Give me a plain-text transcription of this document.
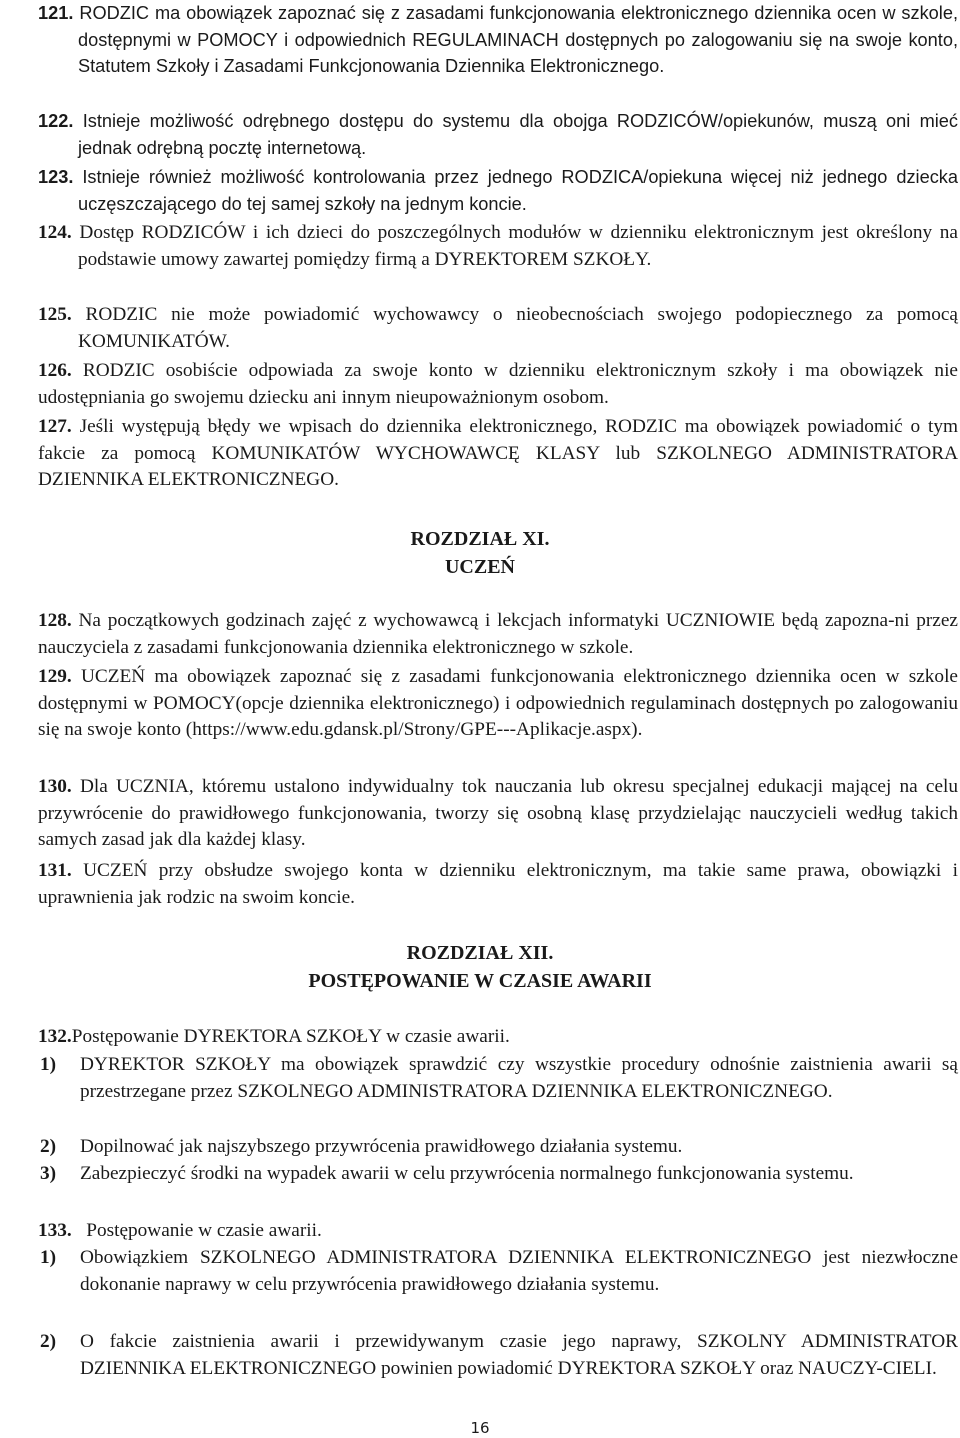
121. RODZIC ma obowiązek zapoznać się z zasadami funkcjonowania elektronicznego dziennika ocen w szkole, dostępnymi w POMOCY i odpowiednich REGULAMINACH dostępnych po zalogowaniu się na swoje konto, Statutem Szkoły i Zasadami Funkcjonowania Dziennika Elektronicznego.
122. Istnieje możliwość odrębnego dostępu do systemu dla obojga RODZICÓW/opiekunów, muszą oni mieć jednak odrębną pocztę internetową.
123. Istnieje również możliwość kontrolowania przez jednego RODZICA/opiekuna więcej niż jednego dziecka uczęszczającego do tej samej szkoły na jednym koncie.
124. Dostęp RODZICÓW i ich dzieci do poszczególnych modułów w dzienniku elektronicznym jest określony na podstawie umowy zawartej pomiędzy firmą a DYREKTOREM SZKOŁY.
125. RODZIC nie może powiadomić wychowawcy o nieobecnościach swojego podopiecznego za pomocą KOMUNIKATÓW.
126. RODZIC osobiście odpowiada za swoje konto w dzienniku elektronicznym szkoły i ma obowiązek nie udostępniania go swojemu dziecku ani innym nieupoważnionym osobom.
127. Jeśli występują błędy we wpisach do dziennika elektronicznego, RODZIC ma obowiązek powiadomić o tym fakcie za pomocą KOMUNIKATÓW WYCHOWAWCĘ KLASY lub SZKOLNEGO ADMINISTRATORA DZIENNIKA ELEKTRONICZNEGO.
ROZDZIAŁ XI.
UCZEŃ
128. Na początkowych godzinach zajęć z wychowawcą i lekcjach informatyki UCZNIOWIE będą zapozna-ni przez nauczyciela z zasadami funkcjonowania dziennika elektronicznego w szkole.
129. UCZEŃ ma obowiązek zapoznać się z zasadami funkcjonowania elektronicznego dziennika ocen w szkole dostępnymi w POMOCY(opcje dziennika elektronicznego) i odpowiednich regulaminach dostępnych po zalogowaniu się na swoje konto (https://www.edu.gdansk.pl/Strony/GPE---Aplikacje.aspx).
130. Dla UCZNIA, któremu ustalono indywidualny tok nauczania lub okresu specjalnej edukacji mającej na celu przywrócenie do prawidłowego funkcjonowania, tworzy się osobną klasę przydzielając nauczycieli według takich samych zasad jak dla każdej klasy.
131. UCZEŃ przy obsłudze swojego konta w dzienniku elektronicznym, ma takie same prawa, obowiązki i uprawnienia jak rodzic na swoim koncie.
ROZDZIAŁ XII.
POSTĘPOWANIE W CZASIE AWARII
132.Postępowanie DYREKTORA SZKOŁY w czasie awarii.
1) DYREKTOR SZKOŁY ma obowiązek sprawdzić czy wszystkie procedury odnośnie zaistnienia awarii są przestrzegane przez SZKOLNEGO ADMINISTRATORA DZIENNIKA ELEKTRONICZNEGO.
2) Dopilnować jak najszybszego przywrócenia prawidłowego działania systemu.
3) Zabezpieczyć środki na wypadek awarii w celu przywrócenia normalnego funkcjonowania systemu.
133. Postępowanie w czasie awarii.
1) Obowiązkiem SZKOLNEGO ADMINISTRATORA DZIENNIKA ELEKTRONICZNEGO jest niezwłoczne dokonanie naprawy w celu przywrócenia prawidłowego działania systemu.
2) O fakcie zaistnienia awarii i przewidywanym czasie jego naprawy, SZKOLNY ADMINISTRATOR DZIENNIKA ELEKTRONICZNEGO powinien powiadomić DYREKTORA SZKOŁY oraz NAUCZY-CIELI.
16
